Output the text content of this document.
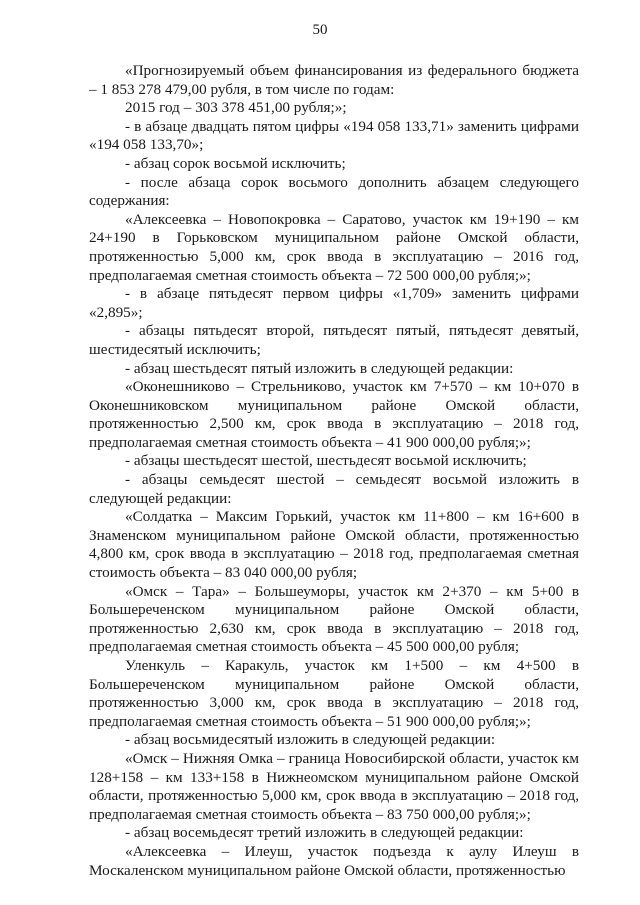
50

«Прогнозируемый объем финансирования из федерального бюджета – 1 853 278 479,00 рубля, в том числе по годам:

2015 год – 303 378 451,00 рубля;»;

- в абзаце двадцать пятом цифры «194 058 133,71» заменить цифрами «194 058 133,70»;

- абзац сорок восьмой исключить;

- после абзаца сорок восьмого дополнить абзацем следующего содержания:

«Алексеевка – Новопокровка – Саратово, участок км 19+190 – км 24+190 в Горьковском муниципальном районе Омской области, протяженностью 5,000 км, срок ввода в эксплуатацию – 2016 год, предполагаемая сметная стоимость объекта – 72 500 000,00 рубля;»;

- в абзаце пятьдесят первом цифры «1,709» заменить цифрами «2,895»;

- абзацы пятьдесят второй, пятьдесят пятый, пятьдесят девятый, шестидесятый исключить;

- абзац шестьдесят пятый изложить в следующей редакции:

«Оконешниково – Стрельниково, участок км 7+570 – км 10+070 в Оконешниковском муниципальном районе Омской области, протяженностью 2,500 км, срок ввода в эксплуатацию – 2018 год, предполагаемая сметная стоимость объекта – 41 900 000,00 рубля;»;

- абзацы шестьдесят шестой, шестьдесят восьмой исключить;

- абзацы семьдесят шестой – семьдесят восьмой изложить в следующей редакции:

«Солдатка – Максим Горький, участок км 11+800 – км 16+600 в Знаменском муниципальном районе Омской области, протяженностью 4,800 км, срок ввода в эксплуатацию – 2018 год, предполагаемая сметная стоимость объекта – 83 040 000,00 рубля;

«Омск – Тара» – Большеуморы, участок км 2+370 – км 5+00 в Большереченском муниципальном районе Омской области, протяженностью 2,630 км, срок ввода в эксплуатацию – 2018 год, предполагаемая сметная стоимость объекта – 45 500 000,00 рубля;

Уленкуль – Каракуль, участок км 1+500 – км 4+500 в Большереченском муниципальном районе Омской области, протяженностью 3,000 км, срок ввода в эксплуатацию – 2018 год, предполагаемая сметная стоимость объекта – 51 900 000,00 рубля;»;

- абзац восьмидесятый изложить в следующей редакции:

«Омск – Нижняя Омка – граница Новосибирской области, участок км 128+158 – км 133+158 в Нижнеомском муниципальном районе Омской области, протяженностью 5,000 км, срок ввода в эксплуатацию – 2018 год, предполагаемая сметная стоимость объекта – 83 750 000,00 рубля;»;

- абзац восемьдесят третий изложить в следующей редакции:

«Алексеевка – Илеуш, участок подъезда к аулу Илеуш в Москаленском муниципальном районе Омской области, протяженностью
